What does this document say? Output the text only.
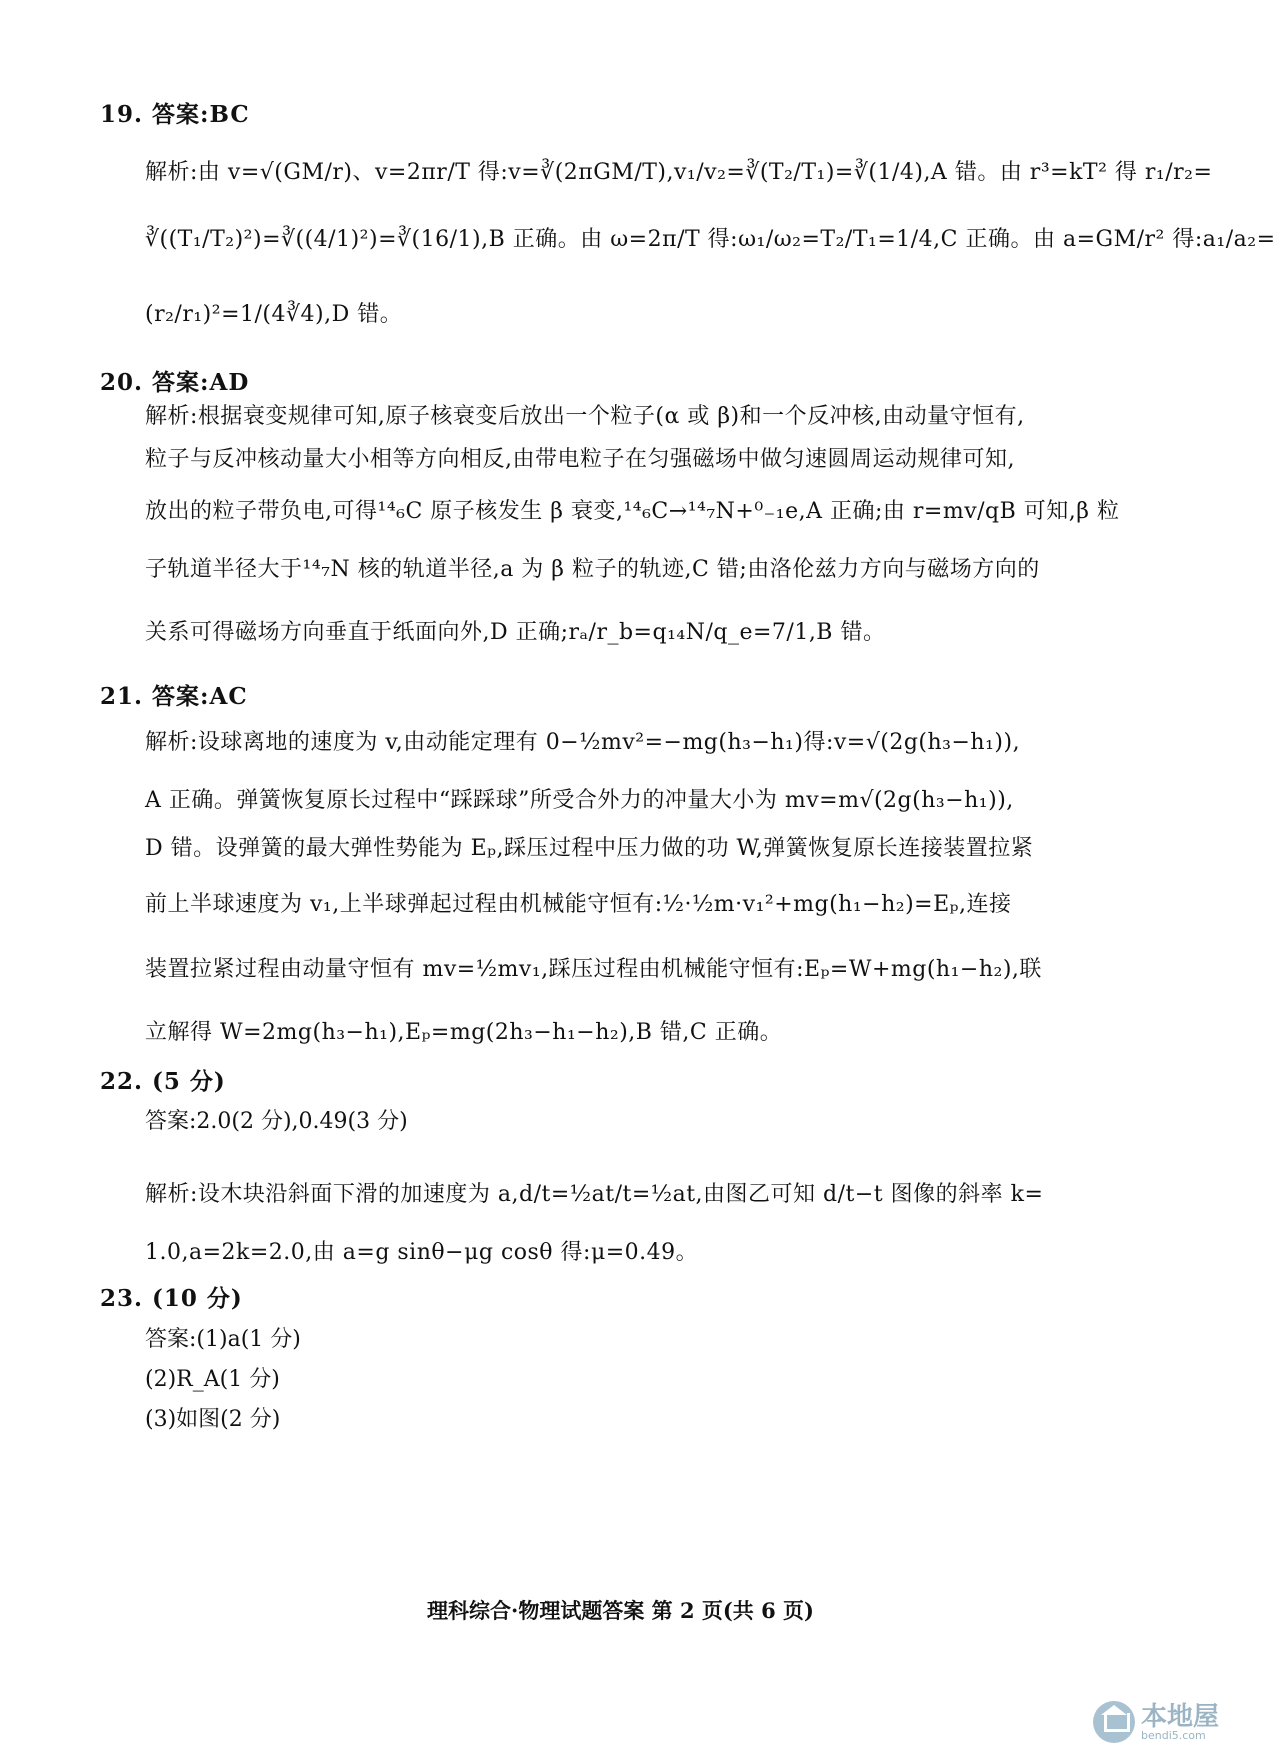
19. 答案:BC
解析:由 v=√(GM/r)、v=2πr/T 得:v=∛(2πGM/T),v₁/v₂=∛(T₂/T₁)=∛(1/4),A 错。由 r³=kT² 得 r₁/r₂=
∛((T₁/T₂)²)=∛((4/1)²)=∛(16/1),B 正确。由 ω=2π/T 得:ω₁/ω₂=T₂/T₁=1/4,C 正确。由 a=GM/r² 得:a₁/a₂=
(r₂/r₁)²=1/(4∛4),D 错。
20. 答案:AD
解析:根据衰变规律可知,原子核衰变后放出一个粒子(α 或 β)和一个反冲核,由动量守恒有,
粒子与反冲核动量大小相等方向相反,由带电粒子在匀强磁场中做匀速圆周运动规律可知,
放出的粒子带负电,可得¹⁴₆C 原子核发生 β 衰变,¹⁴₆C→¹⁴₇N+⁰₋₁e,A 正确;由 r=mv/qB 可知,β 粒
子轨道半径大于¹⁴₇N 核的轨道半径,a 为 β 粒子的轨迹,C 错;由洛伦兹力方向与磁场方向的
关系可得磁场方向垂直于纸面向外,D 正确;rₐ/r_b=q₁₄N/q_e=7/1,B 错。
21. 答案:AC
解析:设球离地的速度为 v,由动能定理有 0−½mv²=−mg(h₃−h₁)得:v=√(2g(h₃−h₁)),
A 正确。弹簧恢复原长过程中“踩踩球”所受合外力的冲量大小为 mv=m√(2g(h₃−h₁)),
D 错。设弹簧的最大弹性势能为 Eₚ,踩压过程中压力做的功 W,弹簧恢复原长连接装置拉紧
前上半球速度为 v₁,上半球弹起过程由机械能守恒有:½·½m·v₁²+mg(h₁−h₂)=Eₚ,连接
装置拉紧过程由动量守恒有 mv=½mv₁,踩压过程由机械能守恒有:Eₚ=W+mg(h₁−h₂),联
立解得 W=2mg(h₃−h₁),Eₚ=mg(2h₃−h₁−h₂),B 错,C 正确。
22. (5 分)
答案:2.0(2 分),0.49(3 分)
解析:设木块沿斜面下滑的加速度为 a,d/t=½at/t=½at,由图乙可知 d/t−t 图像的斜率 k=
1.0,a=2k=2.0,由 a=g sinθ−μg cosθ 得:μ=0.49。
23. (10 分)
答案:(1)a(1 分)
(2)R_A(1 分)
(3)如图(2 分)
理科综合·物理试题答案 第 2 页(共 6 页)
本地屋
bendi5.com
